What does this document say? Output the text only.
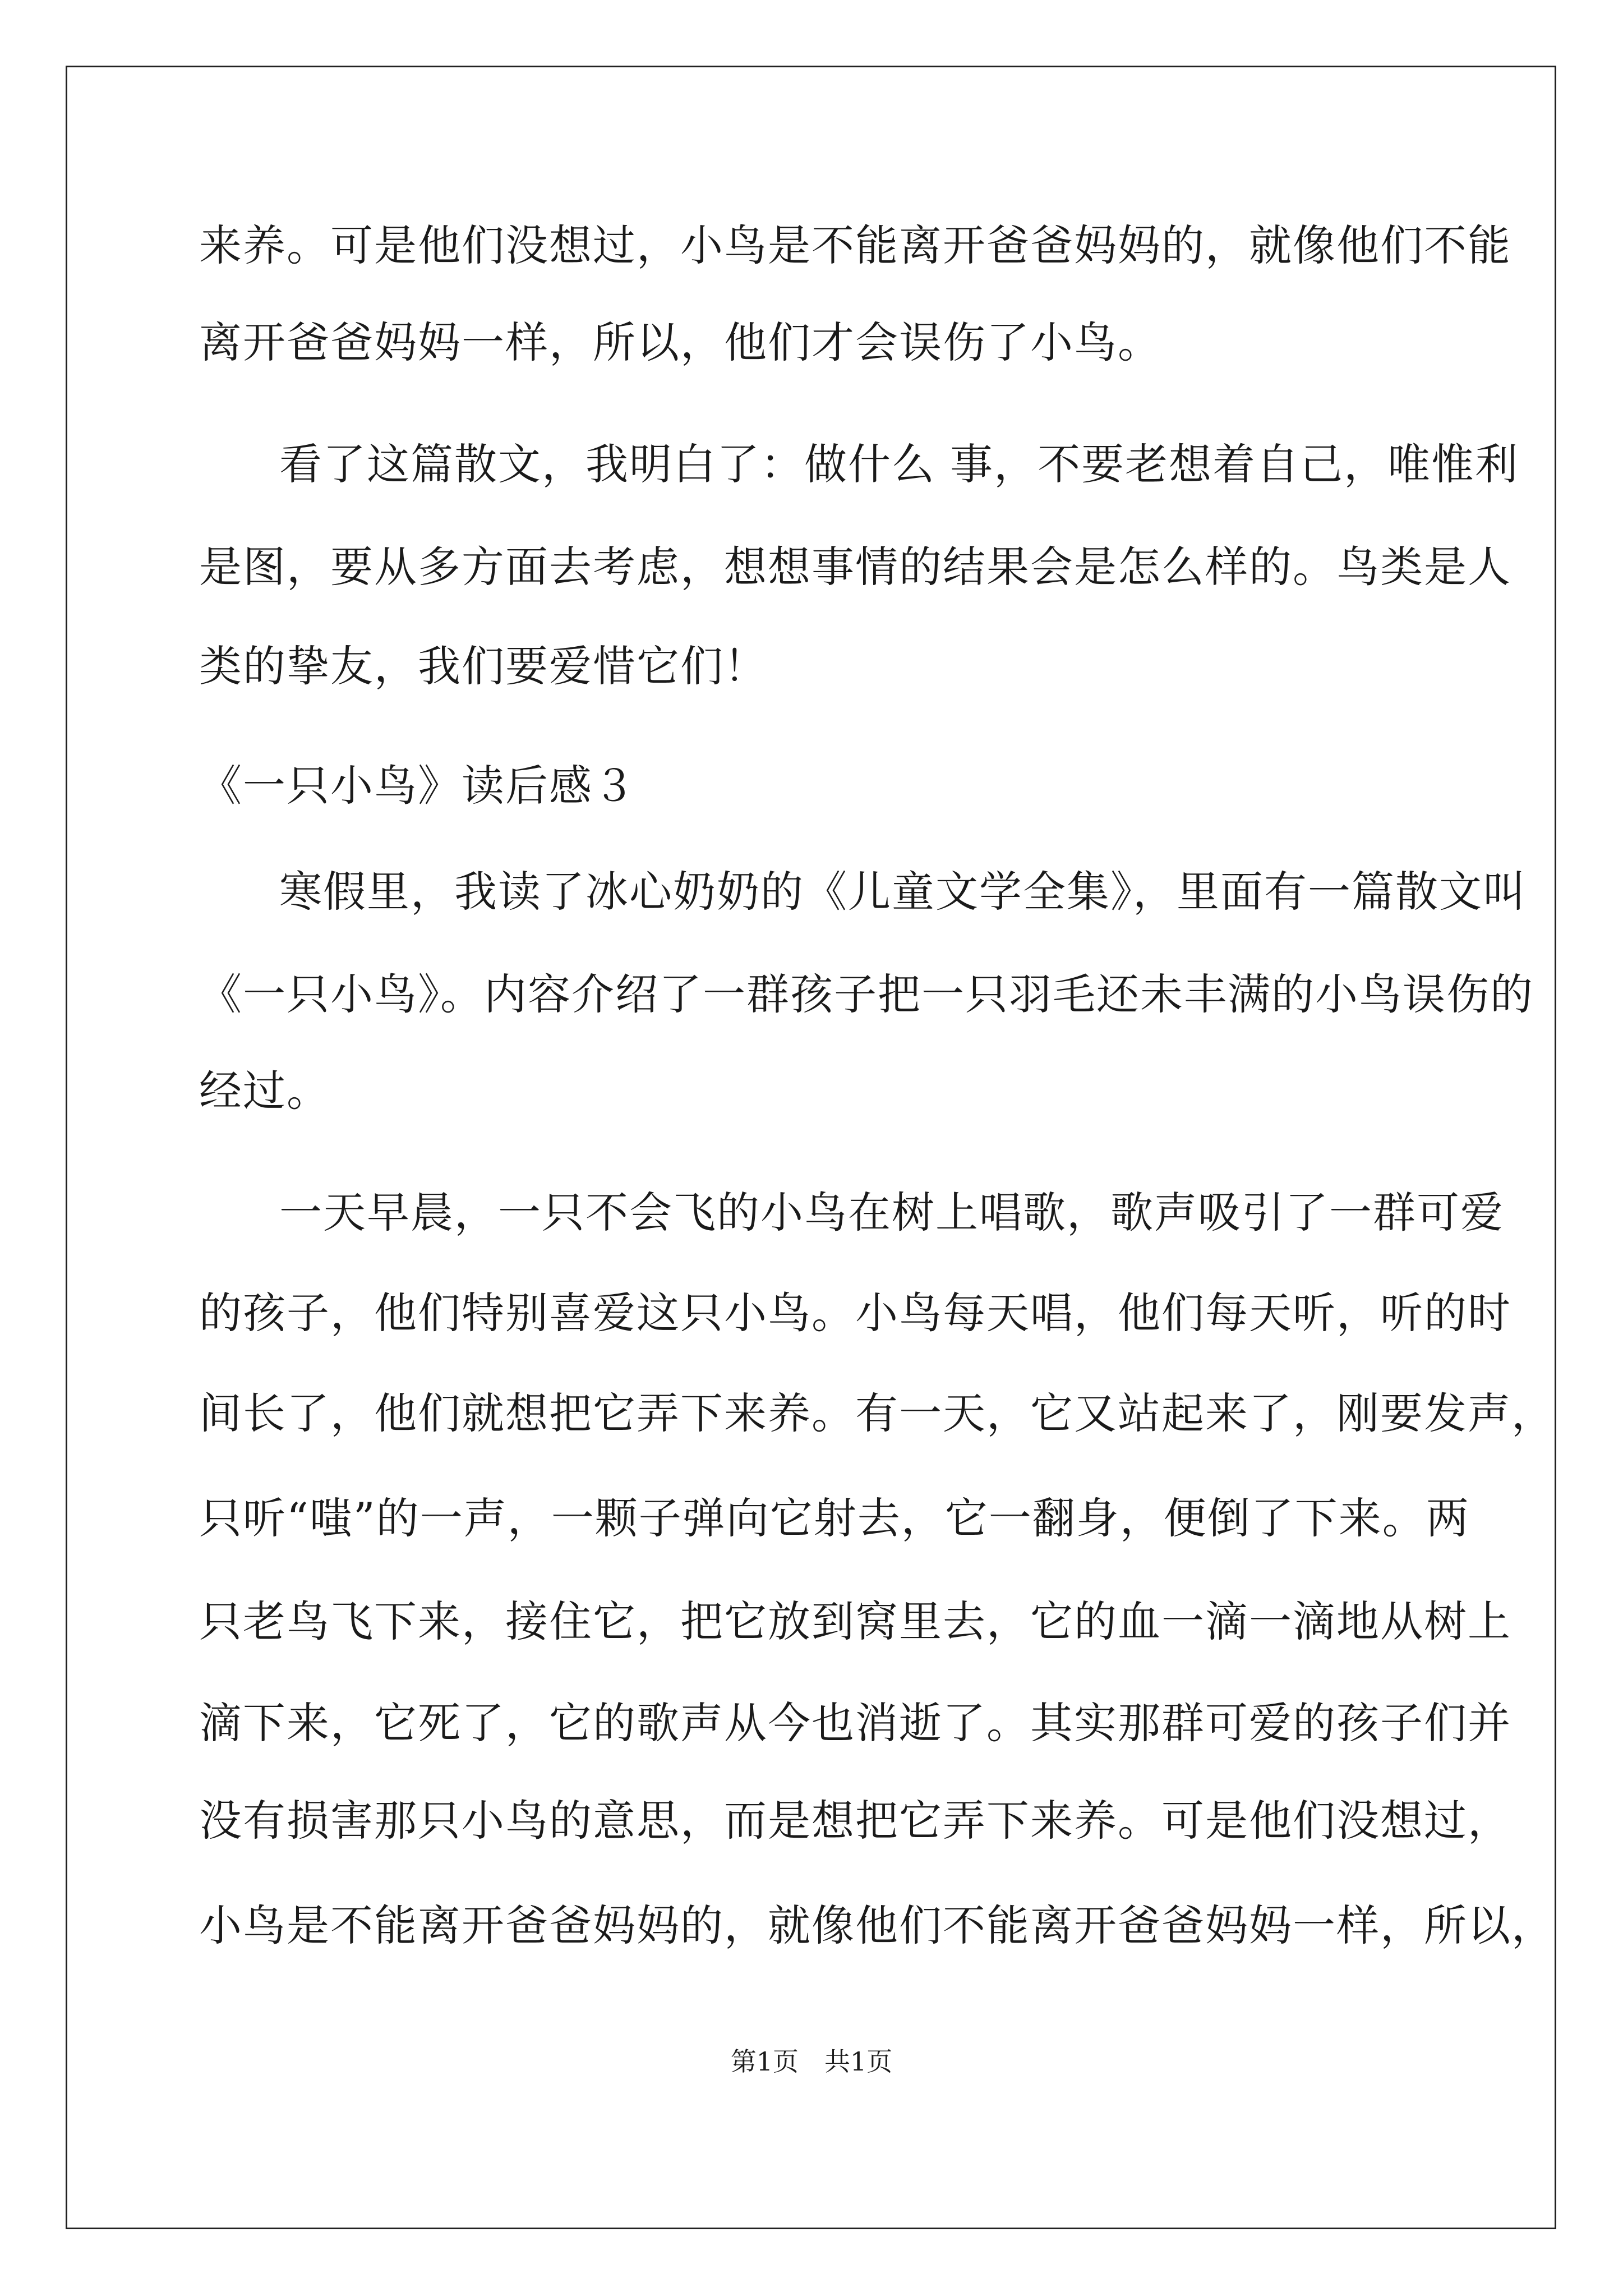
来养。可是他们没想过，小鸟是不能离开爸爸妈妈的，就像他们不能

离开爸爸妈妈一样，所以，他们才会误伤了小鸟。

看了这篇散文，我明白了：做什么 事，不要老想着自己，唯惟利

是图，要从多方面去考虑，想想事情的结果会是怎么样的。鸟类是人

类的挚友，我们要爱惜它们！

《一只小鸟》读后感３

寒假里，我读了冰心奶奶的《儿童文学全集》，里面有一篇散文叫

《一只小鸟》。内容介绍了一群孩子把一只羽毛还未丰满的小鸟误伤的

经过。

一天早晨，一只不会飞的小鸟在树上唱歌，歌声吸引了一群可爱

的孩子，他们特别喜爱这只小鸟。小鸟每天唱，他们每天听，听的时

间长了，他们就想把它弄下来养。有一天，它又站起来了，刚要发声，

只听“嗤”的一声，一颗子弹向它射去，它一翻身，便倒了下来。两

只老鸟飞下来，接住它，把它放到窝里去，它的血一滴一滴地从树上

滴下来，它死了，它的歌声从今也消逝了。其实那群可爱的孩子们并

没有损害那只小鸟的意思，而是想把它弄下来养。可是他们没想过，

小鸟是不能离开爸爸妈妈的，就像他们不能离开爸爸妈妈一样，所以，

第1页　共1页
